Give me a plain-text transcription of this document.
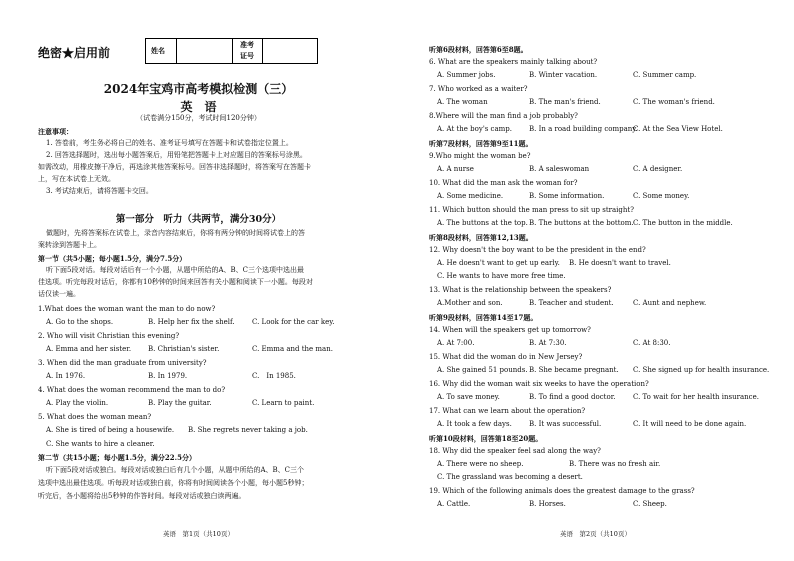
绝密★启用前	姓名
准考
证号
2024年宝鸡市高考模拟检测（三）
英　语
（试卷满分150分，考试时间120分钟）
注意事项：
1. 答卷前，考生务必将自己的姓名、准考证号填写在答题卡和试卷指定位置上。
2. 回答选择题时，选出每小题答案后，用铅笔把答题卡上对应题目的答案标号涂黑。
如需改动，用橡皮擦干净后，再选涂其他答案标号。回答非选择题时，将答案写在答题卡
上，写在本试卷上无效。
3. 考试结束后，请将答题卡交回。
第一部分　听力（共两节，满分30分）
做题时，先将答案标在试卷上，录音内容结束后，你将有两分钟的时间将试卷上的答
案转涂到答题卡上。
第一节（共5小题；每小题1.5分，满分7.5分）
听下面5段对话。每段对话后有一个小题，从题中所给的A、B、C三个选项中选出最
佳选项。听完每段对话后，你都有10秒钟的时间来回答有关小题和阅读下一小题。每段对
话仅读一遍。
1.What does the woman want the man to do now?
A. Go to the shops.	B. Help her fix the shelf. C. Look for the car key.
2. Who will visit Christian this evening?
A. Emma and her sister. B. Christian's sister.	C. Emma and the man.
3. When did the man graduate from university?
A. In 1976.	B. In 1979.	C.　In 1985.
4. What does the woman recommend the man to do?
A. Play the violin.	B. Play the guitar.	C. Learn to paint.
5. What does the woman mean?
A. She is tired of being a housewife. B. She regrets never taking a job.
C. She wants to hire a cleaner.
第二节（共15小题；每小题1.5分，满分22.5分）
听下面5段对话或独白。每段对话或独白后有几个小题，从题中所给的A、B、C三个
选项中选出最佳选项。听每段对话或独白前，你将有时间阅读各个小题，每小题5秒钟；
听完后，各小题将给出5秒钟的作答时间。每段对话或独白读两遍。
英语　第1页（共10页）
听第6段材料，回答第6至8题。
6. What are the speakers mainly talking about?
A. Summer jobs.	B. Winter vacation.	C. Summer camp.
7. Who worked as a waiter?
A. The woman	B. The man's friend.	C. The woman's friend.
8.Where will the man find a job probably?
A. At the boy's camp. B. In a road building company.
C. At the Sea View Hotel.
听第7段材料，回答第9至11题。
9.Who might the woman be?
A. A nurse	B. A saleswoman	C. A designer.
10. What did the man ask the woman for?
A. Some medicine.	B. Some information.	C. Some money.
11. Which button should the man press to sit up straight?
A. The buttons at the top. B. The buttons at the bottom. C. The button in the middle.
听第8段材料，回答第12,13题。
12. Why doesn't the boy want to be the president in the end?
A. He doesn't want to get up early. B. He doesn't want to travel.
C. He wants to have more free time.
13. What is the relationship between the speakers?
A.Mother and son.	B. Teacher and student.	C. Aunt and nephew.
听第9段材料，回答第14至17题。
14. When will the speakers get up tomorrow?
A. At 7:00.	B. At 7:30.	C. At 8:30.
15. What did the woman do in New Jersey?
A. She gained 51 pounds. B. She became pregnant. C. She signed up for health insurance.
16. Why did the woman wait six weeks to have the operation?
A. To save money.	B. To find a good doctor. C. To wait for her health insurance.
17. What can we learn about the operation?
A. It took a few days. B. It was successful.	C. It will need to be done again.
听第10段材料，回答第18至20题。
18. Why did the speaker feel sad along the way?
A. There were no sheep.	B. There was no fresh air.
C. The grassland was becoming a desert.
19. Which of the following animals does the greatest damage to the grass?
A. Cattle.	B. Horses.	C. Sheep.
英语　第2页（共10页）
